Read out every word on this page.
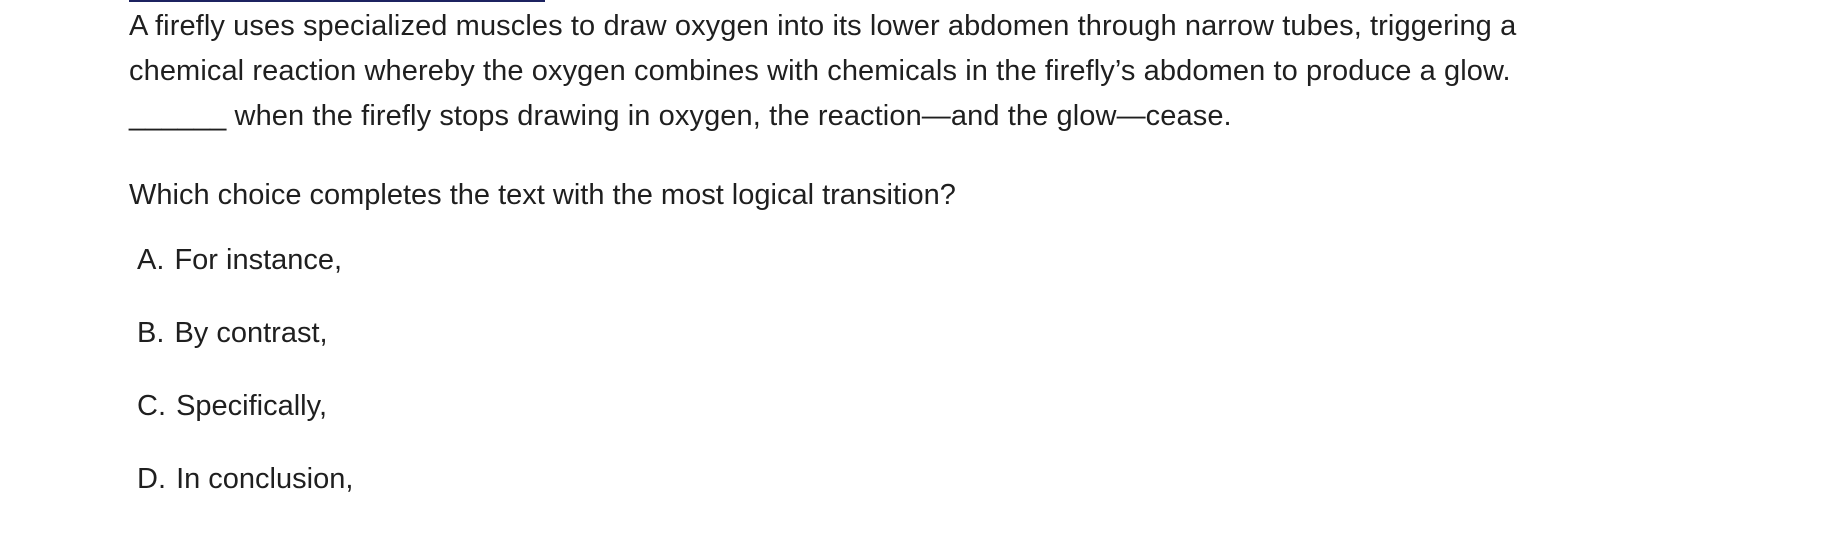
A firefly uses specialized muscles to draw oxygen into its lower abdomen through narrow tubes, triggering a
chemical reaction whereby the oxygen combines with chemicals in the firefly’s abdomen to produce a glow.
______ when the firefly stops drawing in oxygen, the reaction—and the glow—cease.

Which choice completes the text with the most logical transition?

A. For instance,
B. By contrast,
C. Specifically,
D. In conclusion,
